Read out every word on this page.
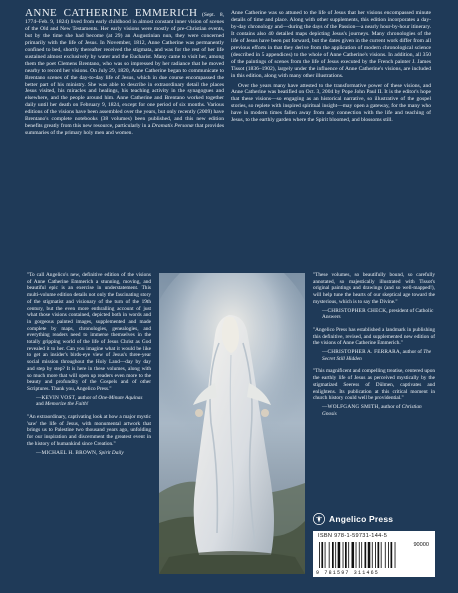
ANNE CATHERINE EMMERICH (Sept. 8, 1774–Feb. 9, 1824) lived from early childhood in almost constant inner vision of scenes of the Old and New Testaments. Her early visions were mostly of pre-Christian events, but by the time she had become (at 29) an Augustinian nun, they were concerned primarily with the life of Jesus. In November, 1812, Anne Catherine was permanently confined to bed, shortly thereafter received the stigmata, and was for the rest of her life sustained almost exclusively by water and the Eucharist. Many came to visit her, among them the poet Clemens Brentano, who was so impressed by her radiance that he moved nearby to record her visions. On July 29, 1820, Anne Catherine began to communicate to Brentano scenes of the day-to-day life of Jesus, which in due course encompassed the better part of his ministry. She was able to describe in extraordinary detail the places Jesus visited, his miracles and healings, his teaching activity in the synagogues and elsewhere, and the people around him. Anne Catherine and Brentano worked together daily until her death on February 9, 1824, except for one period of six months. Various editions of the visions have been assembled over the years, but only recently (2009) have Brentano's complete notebooks (38 volumes) been published, and this new edition benefits greatly from this new resource, particularly in a Dramatis Personæ that provides summaries of the primary holy men and women.

Anne Catherine was so attuned to the life of Jesus that her visions encompassed minute details of time and place. Along with other supplements, this edition incorporates a day-by-day chronology and—during the days of the Passion—a nearly hour-by-hour itinerary. It contains also 40 detailed maps depicting Jesus's journeys. Many chronologies of the life of Jesus have been put forward, but the dates given in the current work differ from all previous efforts in that they derive from the application of modern chronological science (described in 5 appendices) to the whole of Anne Catherine's visions. In addition, all 350 of the paintings of scenes from the life of Jesus executed by the French painter J. James Tissot (1836–1902), largely under the influence of Anne Catherine's visions, are included in this edition, along with many other illustrations.

Over the years many have attested to the transformative power of these visions, and Anne Catherine was beatified on Oct. 3, 2004 by Pope John Paul II. It is the editor's hope that these visions—so engaging as an historical narrative, so illustrative of the gospel stories, so replete with inspired spiritual insight—may open a gateway, for the many who have in modern times fallen away from any connection with the life and teaching of Jesus, to the earthly garden where the Spirit bloomed, and blossoms still.

"To call Angelico's new, definitive edition of the visions of Anne Catherine Emmerich a stunning, moving, and beautiful epic is an exercise in understatement. This multi-volume edition details not only the fascinating story of the stigmatist and visionary of the turn of the 19th century, but the even more enthralling account of just what those visions contained, depicted both in words and in gorgeous painted images, supplemented and made complete by maps, chronologies, genealogies, and everything readers need to immerse themselves in the totally gripping world of the life of Jesus Christ as God revealed it to her. Can you imagine what it would be like to get an insider's birds-eye view of Jesus's three-year social mission throughout the Holy Land—day by day and step by step? It is here in these volumes, along with so much more that will open up readers even more to the beauty and profundity of the Gospels and of other Scriptures. Thank you, Angelico Press."

—KEVIN VOST, author of One-Minute Aquinas and Memorize the Faith!

"An extraordinary, captivating look at how a major mystic 'saw' the life of Jesus, with monumental artwork that brings us to Palestine two thousand years ago, unfolding for our inspiration and discernment the greatest event in the history of humankind since Creation."

—MICHAEL H. BROWN, Spirit Daily

"These volumes, so beautifully bound, so carefully annotated, so majestically illustrated with Tissot's original paintings and drawings (and so well-mapped!), will help tune the hearts of our skeptical age toward the mysterious, which is to say the Divine."

—CHRISTOPHER CHECK, president of Catholic Answers

"Angelico Press has established a landmark in publishing this definitive, revised, and supplemented new edition of the visions of Anne Catherine Emmerich."

—CHRISTOPHER A. FERRARA, author of The Secret Still Hidden

"This magnificent and compelling treatise, centered upon the earthly life of Jesus as perceived mystically by the stigmatized Seeress of Dülmen, captivates and enlightens. Its publication at this critical moment in church history could well be providential."

—WOLFGANG SMITH, author of Christian Gnosis

Angelico Press
ISBN 978-1-59731-144-5
90000
9 781597 311465
